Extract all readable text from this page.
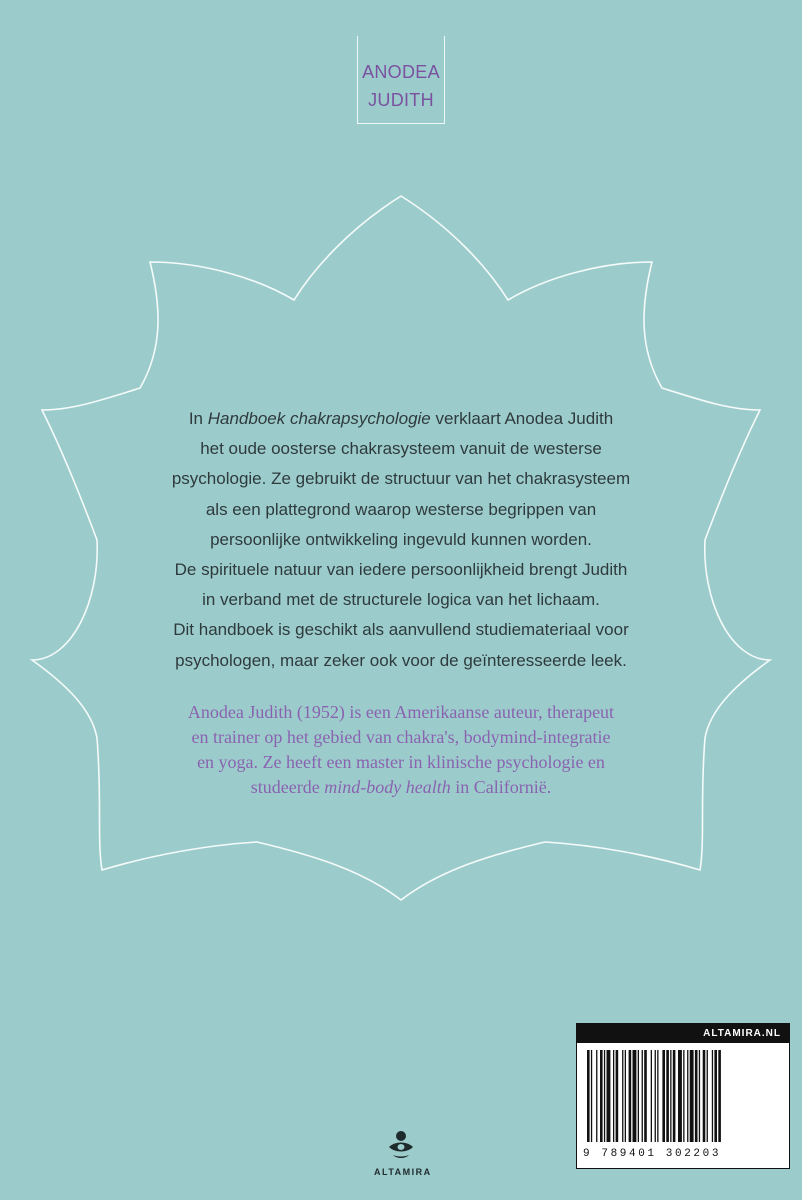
ANODEA
JUDITH

In Handboek chakrapsychologie verklaart Anodea Judith

het oude oosterse chakrasysteem vanuit de westerse

psychologie. Ze gebruikt de structuur van het chakrasysteem

als een plattegrond waarop westerse begrippen van

persoonlijke ontwikkeling ingevuld kunnen worden.

De spirituele natuur van iedere persoonlijkheid brengt Judith

in verband met de structurele logica van het lichaam.

Dit handboek is geschikt als aanvullend studiemateriaal voor

psychologen, maar zeker ook voor de geïnteresseerde leek.

Anodea Judith (1952) is een Amerikaanse auteur, therapeut

en trainer op het gebied van chakra's, bodymind-integratie

en yoga. Ze heeft een master in klinische psychologie en

studeerde mind-body health in Californië.

ALTAMIRA
ALTAMIRA.NL
9 789401 302203
